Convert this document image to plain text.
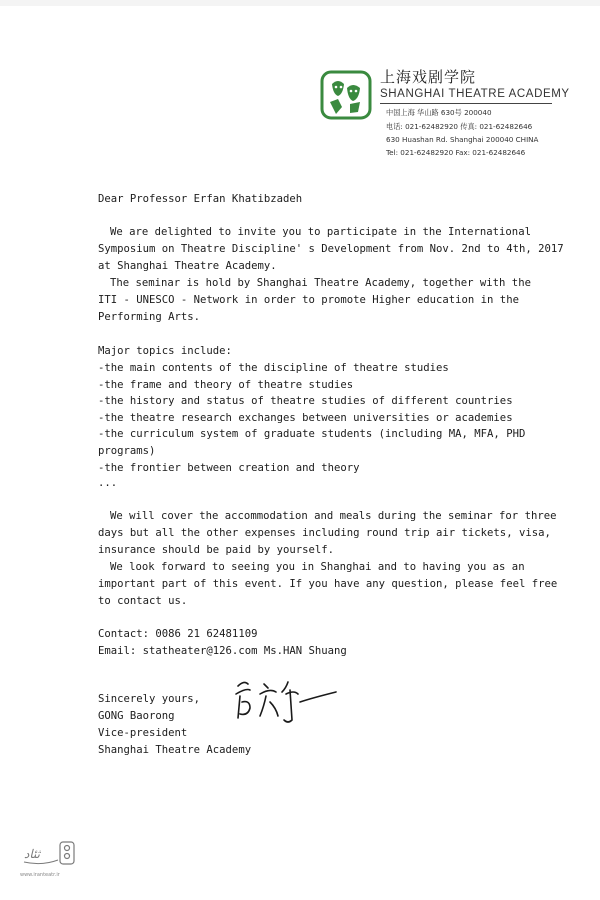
上海戏剧学院
SHANGHAI THEATRE ACADEMY
中国上海 华山路 630号 200040
电话: 021-62482920 传真: 021-62482646
630 Huashan Rd. Shanghai 200040 CHINA
Tel: 021-62482920 Fax: 021-62482646
Dear Professor Erfan Khatibzadeh
We are delighted to invite you to participate in the International
Symposium on Theatre Discipline' s Development from Nov. 2nd to 4th, 2017
at Shanghai Theatre Academy.
The seminar is hold by Shanghai Theatre Academy, together with the
ITI - UNESCO - Network in order to promote Higher education in the
Performing Arts.
Major topics include:
-the main contents of the discipline of theatre studies
-the frame and theory of theatre studies
-the history and status of theatre studies of different countries
-the theatre research exchanges between universities or academies
-the curriculum system of graduate students (including MA, MFA, PHD
programs)
-the frontier between creation and theory
...
We will cover the accommodation and meals during the seminar for three
days but all the other expenses including round trip air tickets, visa,
insurance should be paid by yourself.
We look forward to seeing you in Shanghai and to having you as an
important part of this event. If you have any question, please feel free
to contact us.
Contact: 0086 21 62481109
Email: statheater@126.com Ms.HAN Shuang
Sincerely yours,
GONG Baorong
Vice-president
Shanghai Theatre Academy
ثئاد
www.iranteatr.ir
